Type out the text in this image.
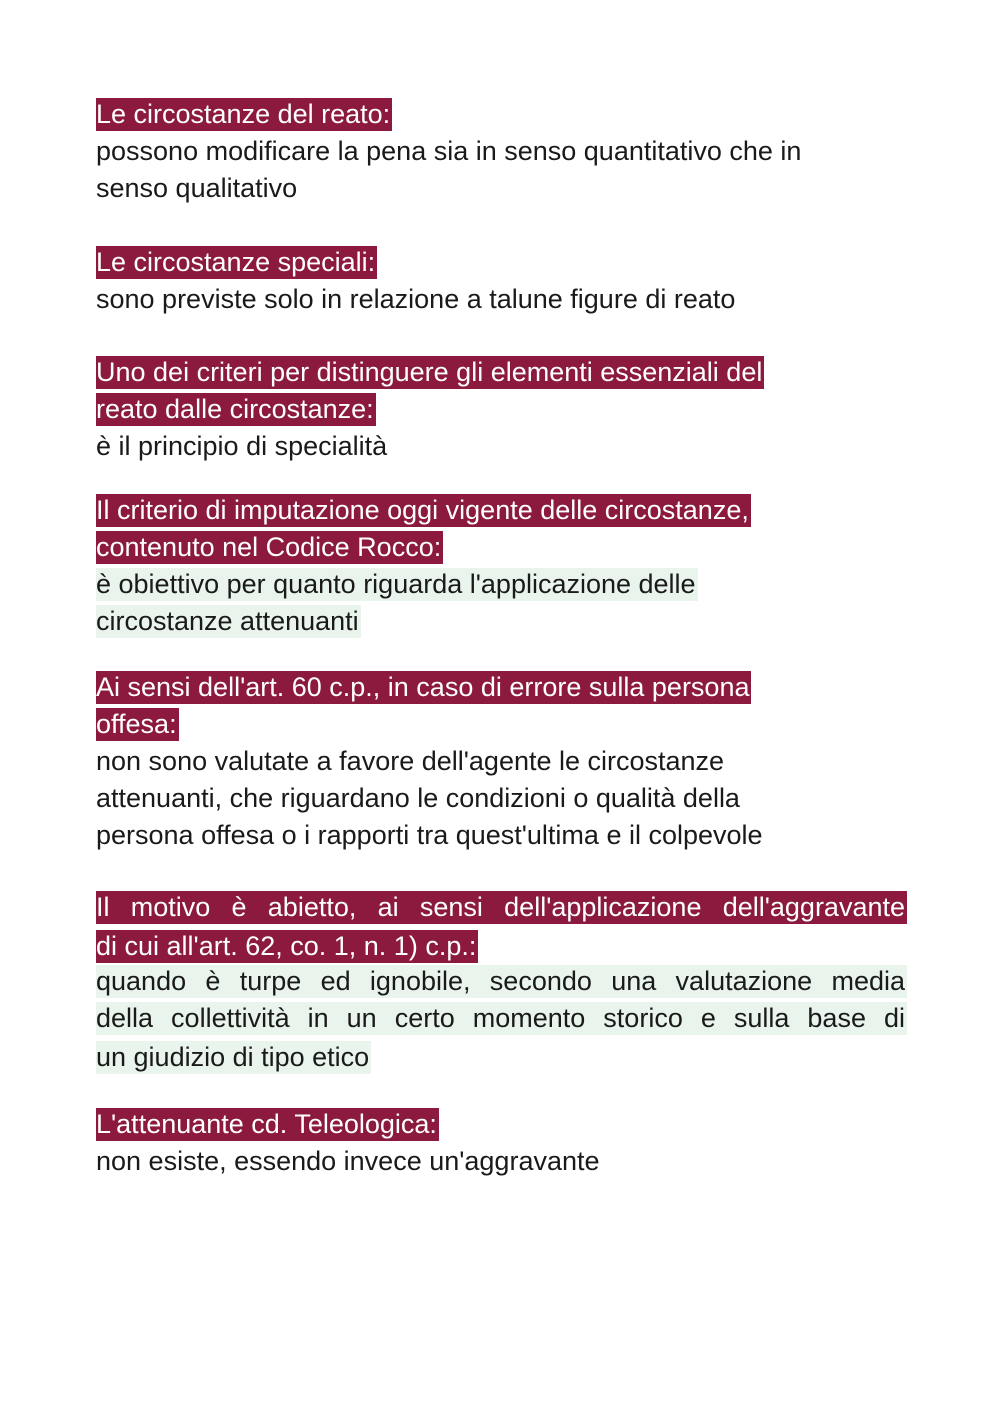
Le circostanze del reato:
possono modificare la pena sia in senso quantitativo che in
senso qualitativo
Le circostanze speciali:
sono previste solo in relazione a talune figure di reato
Uno dei criteri per distinguere gli elementi essenziali del
reato dalle circostanze:
è il principio di specialità
Il criterio di imputazione oggi vigente delle circostanze,
contenuto nel Codice Rocco:
è obiettivo per quanto riguarda l'applicazione delle
circostanze attenuanti
Ai sensi dell'art. 60 c.p., in caso di errore sulla persona
offesa:
non sono valutate a favore dell'agente le circostanze
attenuanti, che riguardano le condizioni o qualità della
persona offesa o i rapporti tra quest'ultima e il colpevole
Il motivo è abietto, ai sensi dell'applicazione dell'aggravante
di cui all'art. 62, co. 1, n. 1) c.p.:
quando è turpe ed ignobile, secondo una valutazione media
della collettività in un certo momento storico e sulla base di
un giudizio di tipo etico
L'attenuante cd. Teleologica:
non esiste, essendo invece un'aggravante
